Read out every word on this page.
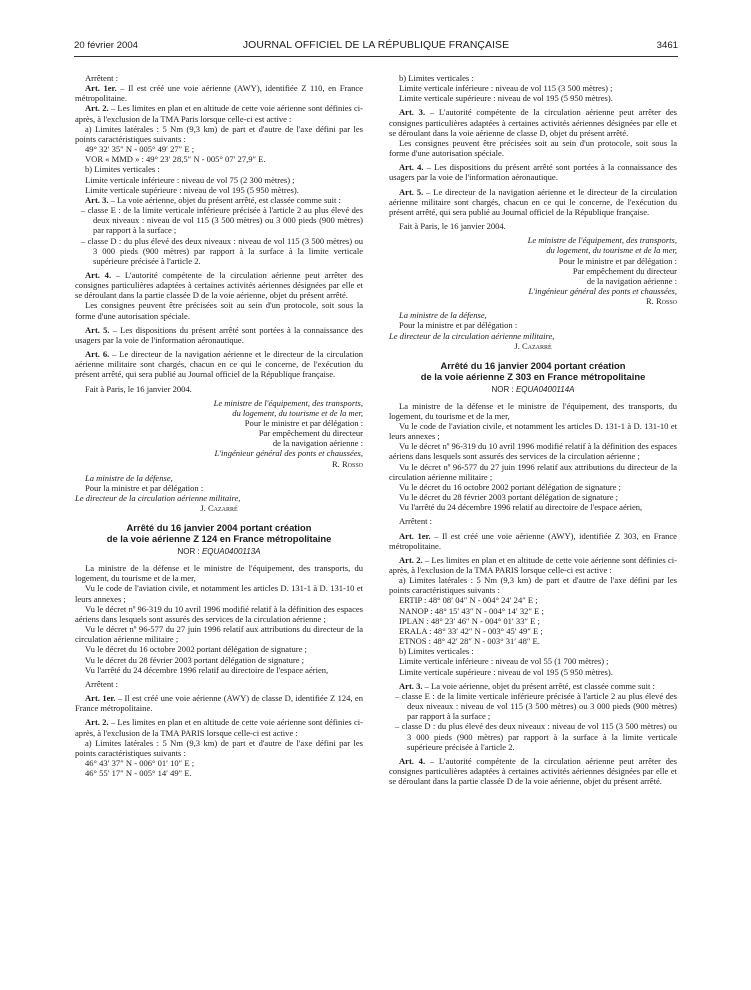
20 février 2004	JOURNAL OFFICIEL DE LA RÉPUBLIQUE FRANÇAISE	3461

Arrêtent :

Art. 1er. – Il est créé une voie aérienne (AWY), identifiée Z 110, en France métropolitaine.

Art. 2. – Les limites en plan et en altitude de cette voie aérienne sont définies ci-après, à l'exclusion de la TMA Paris lorsque celle-ci est active :

a) Limites latérales : 5 Nm (9,3 km) de part et d'autre de l'axe défini par les points caractéristiques suivants :

49° 32′ 35″ N - 005° 49′ 27″ E ;

VOR « MMD » : 49° 23′ 28,5″ N - 005° 07′ 27,9″ E.

b) Limites verticales :

Limite verticale inférieure : niveau de vol 75 (2 300 mètres) ;

Limite verticale supérieure : niveau de vol 195 (5 950 mètres).

Art. 3. – La voie aérienne, objet du présent arrêté, est classée comme suit :

– classe E : de la limite verticale inférieure précisée à l'article 2 au plus élevé des deux niveaux : niveau de vol 115 (3 500 mètres) ou 3 000 pieds (900 mètres) par rapport à la surface ;

– classe D : du plus élevé des deux niveaux : niveau de vol 115 (3 500 mètres) ou 3 000 pieds (900 mètres) par rapport à la surface à la limite verticale supérieure précisée à l'article 2.

Art. 4. – L'autorité compétente de la circulation aérienne peut arrêter des consignes particulières adaptées à certaines activités aériennes désignées par elle et se déroulant dans la partie classée D de la voie aérienne, objet du présent arrêté.

Les consignes peuvent être précisées soit au sein d'un protocole, soit sous la forme d'une autorisation spéciale.

Art. 5. – Les dispositions du présent arrêté sont portées à la connaissance des usagers par la voie de l'information aéronautique.

Art. 6. – Le directeur de la navigation aérienne et le directeur de la circulation aérienne militaire sont chargés, chacun en ce qui le concerne, de l'exécution du présent arrêté, qui sera publié au Journal officiel de la République française.

Fait à Paris, le 16 janvier 2004.

Le ministre de l'équipement, des transports,

du logement, du tourisme et de la mer,

Pour le ministre et par délégation :

Par empêchement du directeur

de la navigation aérienne :

L'ingénieur général des ponts et chaussées,

R. Rosso

La ministre de la défense,

Pour la ministre et par délégation :

Le directeur de la circulation aérienne militaire,

J. Cazarré

Arrêté du 16 janvier 2004 portant création

de la voie aérienne Z 124 en France métropolitaine

NOR : EQUA0400113A

La ministre de la défense et le ministre de l'équipement, des transports, du logement, du tourisme et de la mer,

Vu le code de l'aviation civile, et notamment les articles D. 131-1 à D. 131-10 et leurs annexes ;

Vu le décret nº 96-319 du 10 avril 1996 modifié relatif à la définition des espaces aériens dans lesquels sont assurés des services de la circulation aérienne ;

Vu le décret nº 96-577 du 27 juin 1996 relatif aux attributions du directeur de la circulation aérienne militaire ;

Vu le décret du 16 octobre 2002 portant délégation de signature ;

Vu le décret du 28 février 2003 portant délégation de signature ;

Vu l'arrêté du 24 décembre 1996 relatif au directoire de l'espace aérien,

Arrêtent :

Art. 1er. – Il est créé une voie aérienne (AWY) de classe D, identifiée Z 124, en France métropolitaine.

Art. 2. – Les limites en plan et en altitude de cette voie aérienne sont définies ci-après, à l'exclusion de la TMA PARIS lorsque celle-ci est active :

a) Limites latérales : 5 Nm (9,3 km) de part et d'autre de l'axe défini par les points caractéristiques suivants :

46° 43′ 37″ N - 006° 01′ 10″ E ;

46° 55′ 17″ N - 005° 14′ 49″ E.

b) Limites verticales :

Limite verticale inférieure : niveau de vol 115 (3 500 mètres) ;

Limite verticale supérieure : niveau de vol 195 (5 950 mètres).

Art. 3. – L'autorité compétente de la circulation aérienne peut arrêter des consignes particulières adaptées à certaines activités aériennes désignées par elle et se déroulant dans la voie aérienne de classe D, objet du présent arrêté.

Les consignes peuvent être précisées soit au sein d'un protocole, soit sous la forme d'une autorisation spéciale.

Art. 4. – Les dispositions du présent arrêté sont portées à la connaissance des usagers par la voie de l'information aéronautique.

Art. 5. – Le directeur de la navigation aérienne et le directeur de la circulation aérienne militaire sont chargés, chacun en ce qui le concerne, de l'exécution du présent arrêté, qui sera publié au Journal officiel de la République française.

Fait à Paris, le 16 janvier 2004.

Le ministre de l'équipement, des transports,

du logement, du tourisme et de la mer,

Pour le ministre et par délégation :

Par empêchement du directeur

de la navigation aérienne :

L'ingénieur général des ponts et chaussées,

R. Rosso

La ministre de la défense,

Pour la ministre et par délégation :

Le directeur de la circulation aérienne militaire,

J. Cazarré

Arrêté du 16 janvier 2004 portant création

de la voie aérienne Z 303 en France métropolitaine

NOR : EQUA0400114A

La ministre de la défense et le ministre de l'équipement, des transports, du logement, du tourisme et de la mer,

Vu le code de l'aviation civile, et notamment les articles D. 131-1 à D. 131-10 et leurs annexes ;

Vu le décret nº 96-319 du 10 avril 1996 modifié relatif à la définition des espaces aériens dans lesquels sont assurés des services de la circulation aérienne ;

Vu le décret nº 96-577 du 27 juin 1996 relatif aux attributions du directeur de la circulation aérienne militaire ;

Vu le décret du 16 octobre 2002 portant délégation de signature ;

Vu le décret du 28 février 2003 portant délégation de signature ;

Vu l'arrêté du 24 décembre 1996 relatif au directoire de l'espace aérien,

Arrêtent :

Art. 1er. – Il est créé une voie aérienne (AWY), identifiée Z 303, en France métropolitaine.

Art. 2. – Les limites en plan et en altitude de cette voie aérienne sont définies ci-après, à l'exclusion de la TMA PARIS lorsque celle-ci est active :

a) Limites latérales : 5 Nm (9,3 km) de part et d'autre de l'axe défini par les points caractéristiques suivants :

ERTIP : 48° 08′ 04″ N - 004° 24′ 24″ E ;

NANOP : 48° 15′ 43″ N - 004° 14′ 32″ E ;

IPLAN : 48° 23′ 46″ N - 004° 01′ 33″ E ;

ERALA : 48° 33′ 42″ N - 003° 45′ 49″ E ;

ETNOS : 48° 42′ 28″ N - 003° 31′ 48″ E.

b) Limites verticales :

Limite verticale inférieure : niveau de vol 55 (1 700 mètres) ;

Limite verticale supérieure : niveau de vol 195 (5 950 mètres).

Art. 3. – La voie aérienne, objet du présent arrêté, est classée comme suit :

– classe E : de la limite verticale inférieure précisée à l'article 2 au plus élevé des deux niveaux : niveau de vol 115 (3 500 mètres) ou 3 000 pieds (900 mètres) par rapport à la surface ;

– classe D : du plus élevé des deux niveaux : niveau de vol 115 (3 500 mètres) ou 3 000 pieds (900 mètres) par rapport à la surface à la limite verticale supérieure précisée à l'article 2.

Art. 4. – L'autorité compétente de la circulation aérienne peut arrêter des consignes particulières adaptées à certaines activités aériennes désignées par elle et se déroulant dans la partie classée D de la voie aérienne, objet du présent arrêté.
